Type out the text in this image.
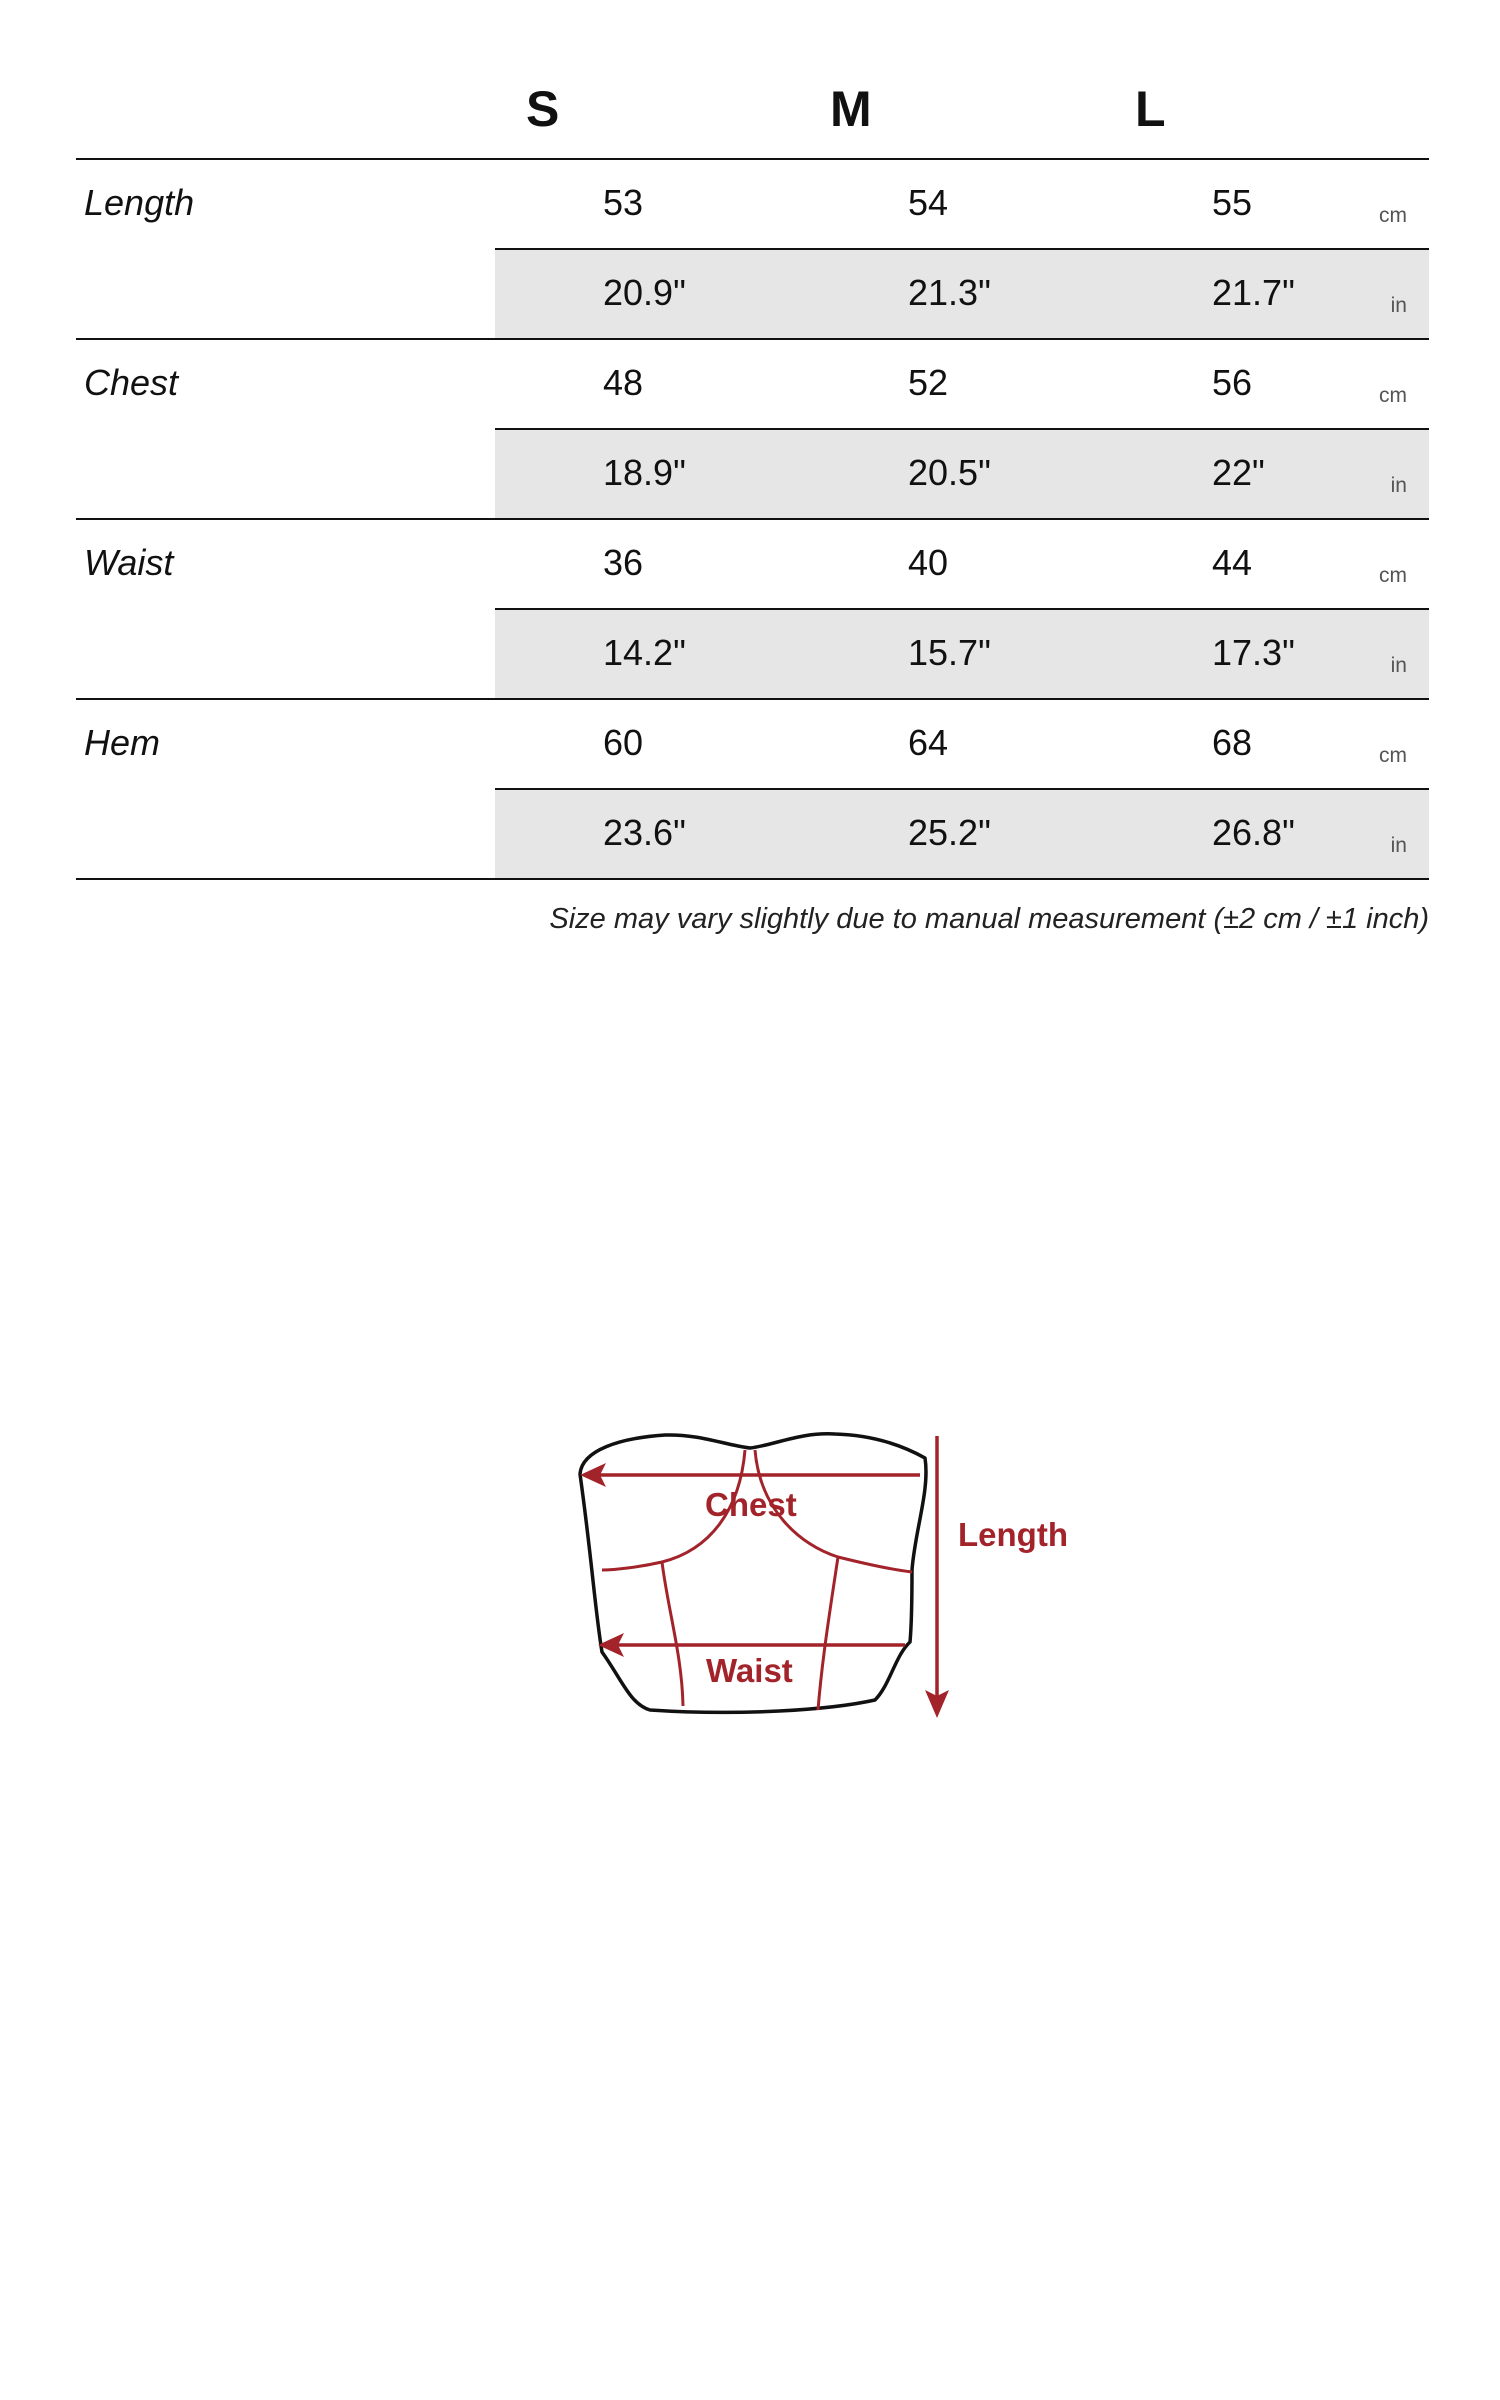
S	M	L
Length	53	54	55	cm
20.9"	21.3"	21.7"	in
Chest	48	52	56	cm
18.9"	20.5"	22"	in
Waist	36	40	44	cm
14.2"	15.7"	17.3"	in
Hem	60	64	68	cm
23.6"	25.2"	26.8"	in
Size may vary slightly due to manual measurement (±2 cm / ±1 inch)
Chest
Waist
Length
